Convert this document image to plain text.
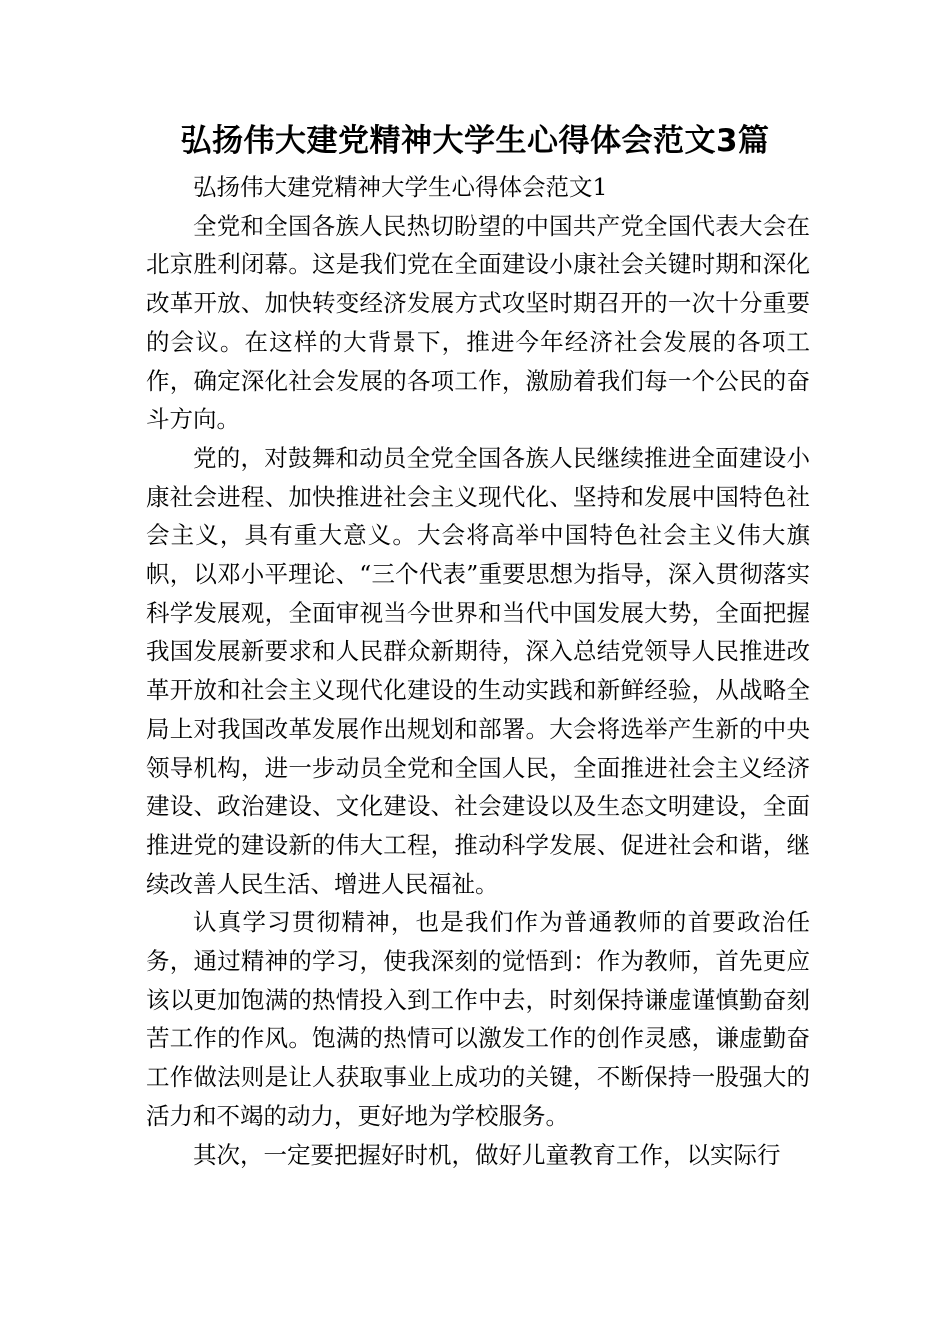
弘扬伟大建党精神大学生心得体会范文3篇

弘扬伟大建党精神大学生心得体会范文1

全党和全国各族人民热切盼望的中国共产党全国代表大会在北京胜利闭幕。这是我们党在全面建设小康社会关键时期和深化改革开放、加快转变经济发展方式攻坚时期召开的一次十分重要的会议。在这样的大背景下，推进今年经济社会发展的各项工作，确定深化社会发展的各项工作，激励着我们每一个公民的奋斗方向。

党的，对鼓舞和动员全党全国各族人民继续推进全面建设小康社会进程、加快推进社会主义现代化、坚持和发展中国特色社会主义，具有重大意义。大会将高举中国特色社会主义伟大旗帜，以邓小平理论、“三个代表”重要思想为指导，深入贯彻落实科学发展观，全面审视当今世界和当代中国发展大势，全面把握我国发展新要求和人民群众新期待，深入总结党领导人民推进改革开放和社会主义现代化建设的生动实践和新鲜经验，从战略全局上对我国改革发展作出规划和部署。大会将选举产生新的中央领导机构，进一步动员全党和全国人民，全面推进社会主义经济建设、政治建设、文化建设、社会建设以及生态文明建设，全面推进党的建设新的伟大工程，推动科学发展、促进社会和谐，继续改善人民生活、增进人民福祉。

认真学习贯彻精神，也是我们作为普通教师的首要政治任务，通过精神的学习，使我深刻的觉悟到：作为教师，首先更应该以更加饱满的热情投入到工作中去，时刻保持谦虚谨慎勤奋刻苦工作的作风。饱满的热情可以激发工作的创作灵感，谦虚勤奋工作做法则是让人获取事业上成功的关键，不断保持一股强大的活力和不竭的动力，更好地为学校服务。

其次，一定要把握好时机，做好儿童教育工作，以实际行
